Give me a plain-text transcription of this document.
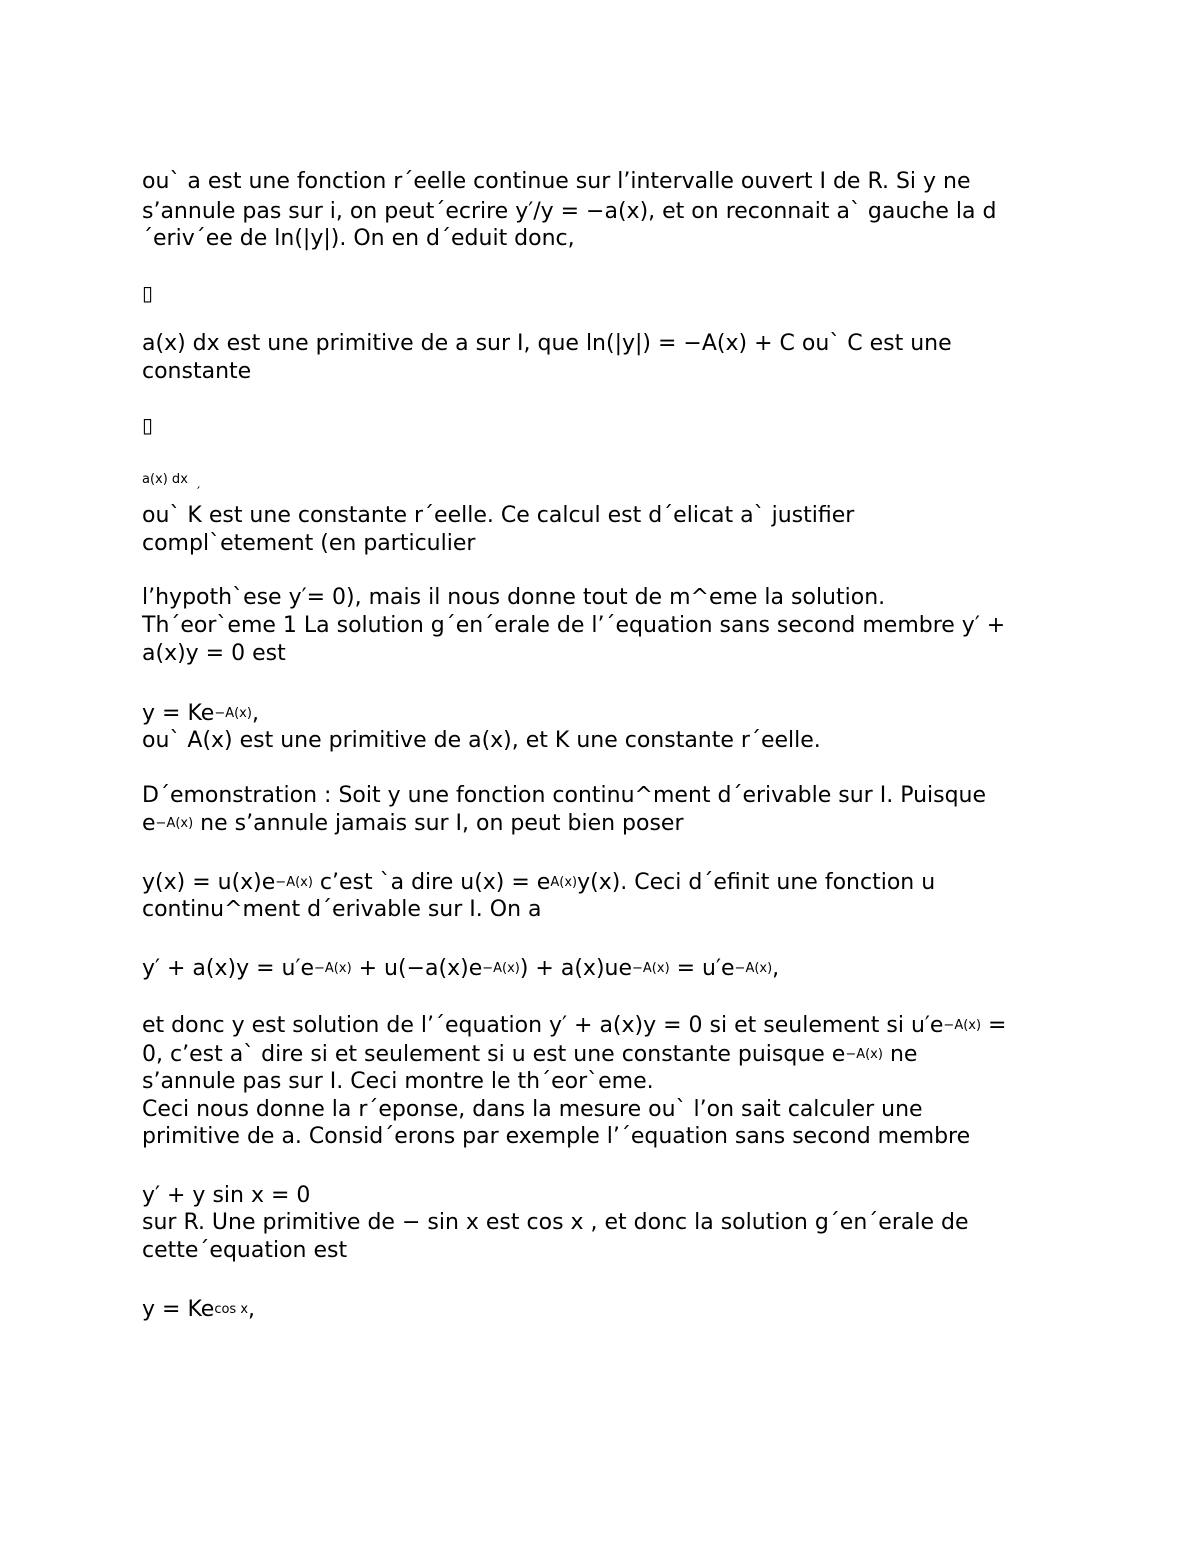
ou` a est une fonction r´eelle continue sur l’intervalle ouvert I de R. Si y ne
s’annule pas sur i, on peut´ecrire y′/y = −a(x), et on reconnait a` gauche la d
´eriv´ee de ln(|y|). On en d´eduit donc,
▯
a(x) dx est une primitive de a sur I, que ln(|y|) = −A(x) + C ou` C est une
constante
▯
a(x) dx
′
ou` K est une constante r´eelle. Ce calcul est d´elicat a` justifier
compl`etement (en particulier
l’hypoth`ese y′= 0), mais il nous donne tout de m^eme la solution.
Th´eor`eme 1 La solution g´en´erale de l’´equation sans second membre y′ +
a(x)y = 0 est
$y = Ke^{-A(x)}$,
ou` A(x) est une primitive de a(x), et K une constante r´eelle.
D´emonstration : Soit y une fonction continu^ment d´erivable sur I. Puisque
$e^{-A(x)}$ ne s’annule jamais sur I, on peut bien poser
$y(x) = u(x)e^{-A(x)}$ c’est `a dire $u(x) = e^{A(x)}y(x)$. Ceci d´efinit une fonction u
continu^ment d´erivable sur I. On a
$y' + a(x)y = u'e^{-A(x)} + u(-a(x)e^{-A(x)}) + a(x)ue^{-A(x)} = u'e^{-A(x)}$,
et donc y est solution de l’´equation y′ + a(x)y = 0 si et seulement si $u'e^{-A(x)}$ =
0, c’est a` dire si et seulement si u est une constante puisque $e^{-A(x)}$ ne
s’annule pas sur I. Ceci montre le th´eor`eme.
Ceci nous donne la r´eponse, dans la mesure ou` l’on sait calculer une
primitive de a. Consid´erons par exemple l’´equation sans second membre
y′ + y sin x = 0
sur R. Une primitive de − sin x est cos x , et donc la solution g´en´erale de
cette´equation est
$y = Ke^{cos x}$,
